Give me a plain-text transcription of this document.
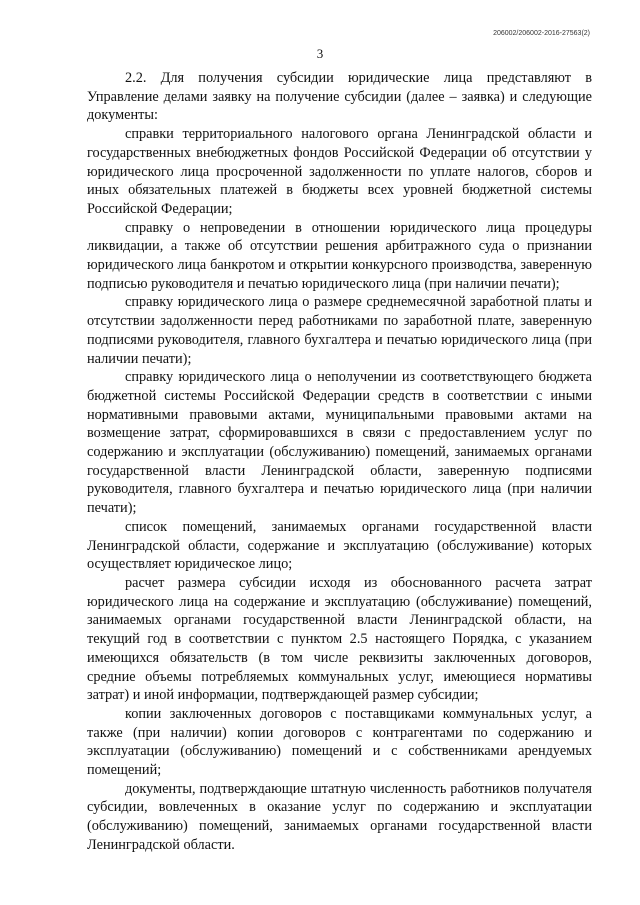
206002/206002-2016-27563(2)
3

2.2. Для получения субсидии юридические лица представляют в Управление делами заявку на получение субсидии (далее – заявка) и следующие документы:

справки территориального налогового органа Ленинградской области и государственных внебюджетных фондов Российской Федерации об отсутствии у юридического лица просроченной задолженности по уплате налогов, сборов и иных обязательных платежей в бюджеты всех уровней бюджетной системы Российской Федерации;

справку о непроведении в отношении юридического лица процедуры ликвидации, а также об отсутствии решения арбитражного суда о признании юридического лица банкротом и открытии конкурсного производства, заверенную подписью руководителя и печатью юридического лица (при наличии печати);

справку юридического лица о размере среднемесячной заработной платы и отсутствии задолженности перед работниками по заработной плате, заверенную подписями руководителя, главного бухгалтера и печатью юридического лица (при наличии печати);

справку юридического лица о неполучении из соответствующего бюджета бюджетной системы Российской Федерации средств в соответствии с иными нормативными правовыми актами, муниципальными правовыми актами на возмещение затрат, сформировавшихся в связи с предоставлением услуг по содержанию и эксплуатации (обслуживанию) помещений, занимаемых органами государственной власти Ленинградской области, заверенную подписями руководителя, главного бухгалтера и печатью юридического лица (при наличии печати);

список помещений, занимаемых органами государственной власти Ленинградской области, содержание и эксплуатацию (обслуживание) которых осуществляет юридическое лицо;

расчет размера субсидии исходя из обоснованного расчета затрат юридического лица на содержание и эксплуатацию (обслуживание) помещений, занимаемых органами государственной власти Ленинградской области, на текущий год в соответствии с пунктом 2.5 настоящего Порядка, с указанием имеющихся обязательств (в том числе реквизиты заключенных договоров, средние объемы потребляемых коммунальных услуг, имеющиеся нормативы затрат) и иной информации, подтверждающей размер субсидии;

копии заключенных договоров с поставщиками коммунальных услуг, а также (при наличии) копии договоров с контрагентами по содержанию и эксплуатации (обслуживанию) помещений и с собственниками арендуемых помещений;

документы, подтверждающие штатную численность работников получателя субсидии, вовлеченных в оказание услуг по содержанию и эксплуатации (обслуживанию) помещений, занимаемых органами государственной власти Ленинградской области.
